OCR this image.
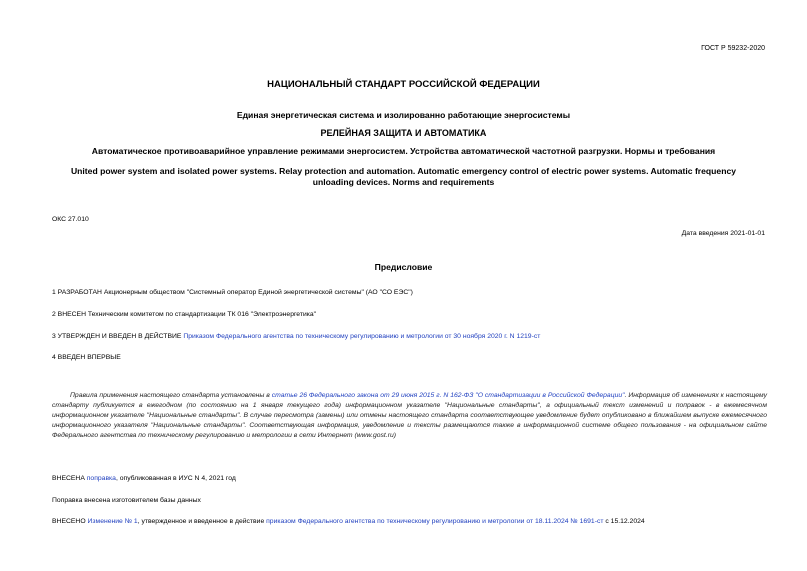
ГОСТ Р 59232-2020
НАЦИОНАЛЬНЫЙ СТАНДАРТ РОССИЙСКОЙ ФЕДЕРАЦИИ
Единая энергетическая система и изолированно работающие энергосистемы
РЕЛЕЙНАЯ ЗАЩИТА И АВТОМАТИКА
Автоматическое противоаварийное управление режимами энергосистем. Устройства автоматической частотной разгрузки. Нормы и требования
United power system and isolated power systems. Relay protection and automation. Automatic emergency control of electric power systems. Automatic frequency unloading devices. Norms and requirements
ОКС 27.010
Дата введения 2021-01-01
Предисловие
1 РАЗРАБОТАН Акционерным обществом "Системный оператор Единой энергетической системы" (АО "СО ЕЭС")
2 ВНЕСЕН Техническим комитетом по стандартизации ТК 016 "Электроэнергетика"
3 УТВЕРЖДЕН И ВВЕДЕН В ДЕЙСТВИЕ Приказом Федерального агентства по техническому регулированию и метрологии от 30 ноября 2020 г. N 1219-ст
4 ВВЕДЕН ВПЕРВЫЕ
Правила применения настоящего стандарта установлены в статье 26 Федерального закона от 29 июня 2015 г. N 162-ФЗ "О стандартизации в Российской Федерации". Информация об изменениях к настоящему стандарту публикуется в ежегодном (по состоянию на 1 января текущего года) информационном указателе "Национальные стандарты", а официальный текст изменений и поправок - в ежемесячном информационном указателе "Национальные стандарты". В случае пересмотра (замены) или отмены настоящего стандарта соответствующее уведомление будет опубликовано в ближайшем выпуске ежемесячного информационного указателя "Национальные стандарты". Соответствующая информация, уведомление и тексты размещаются также в информационной системе общего пользования - на официальном сайте Федерального агентства по техническому регулированию и метрологии в сети Интернет (www.gost.ru)
ВНЕСЕНА поправка, опубликованная в ИУС N 4, 2021 год
Поправка внесена изготовителем базы данных
ВНЕСЕНО Изменение № 1, утвержденное и введенное в действие приказом Федерального агентства по техническому регулированию и метрологии от 18.11.2024 № 1691-ст с 15.12.2024
